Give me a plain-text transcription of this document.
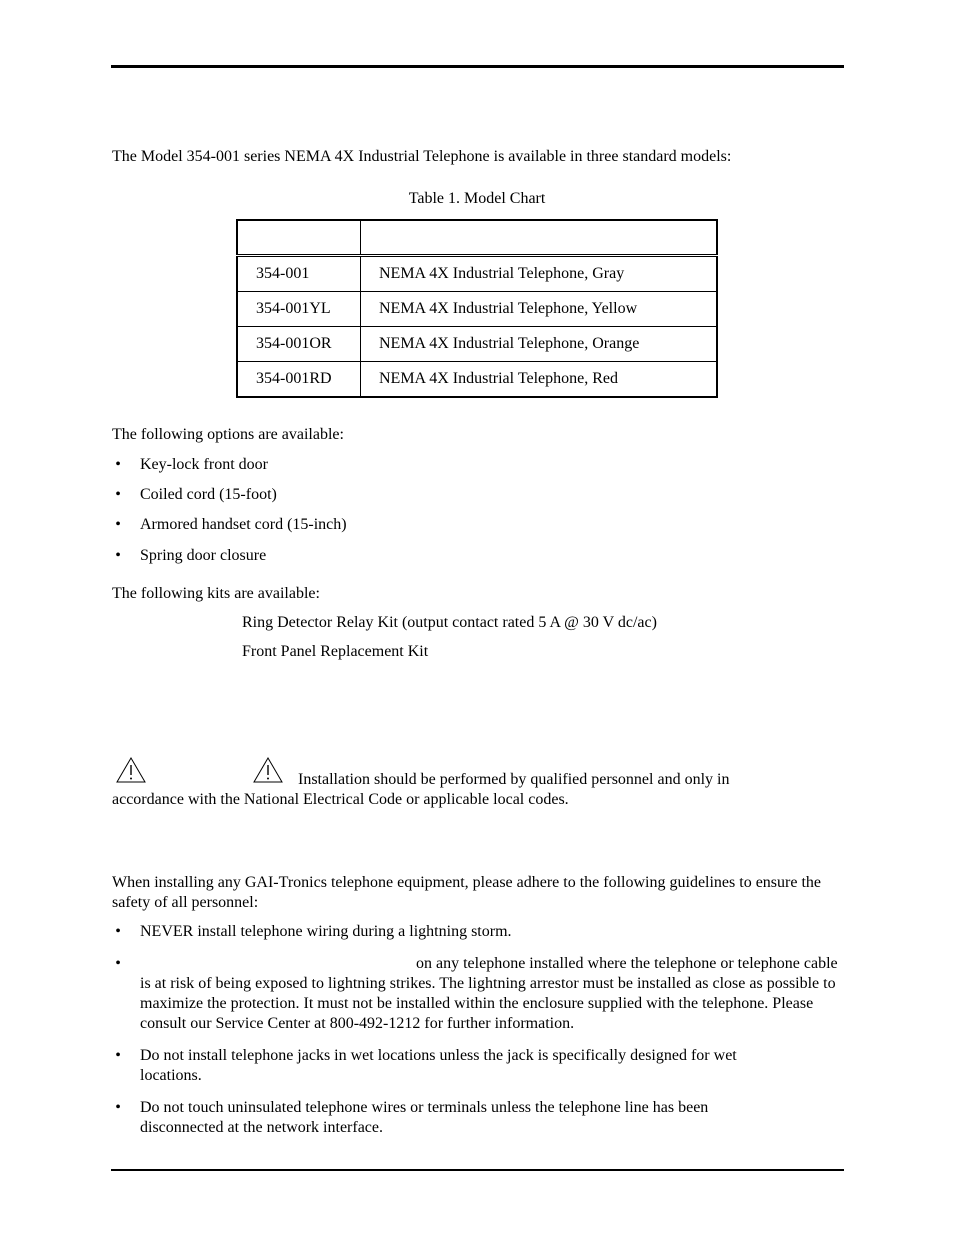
The Model 354-001 series NEMA 4X Industrial Telephone is available in three standard models:

Table 1. Model Chart

354-001	NEMA 4X Industrial Telephone, Gray
354-001YL	NEMA 4X Industrial Telephone, Yellow
354-001OR	NEMA 4X Industrial Telephone, Orange
354-001RD	NEMA 4X Industrial Telephone, Red

The following options are available:

• Key-lock front door
• Coiled cord (15-foot)
• Armored handset cord (15-inch)
• Spring door closure

The following kits are available:

Ring Detector Relay Kit (output contact rated 5 A @ 30 V dc/ac)
Front Panel Replacement Kit
Installation should be performed by qualified personnel and only in
accordance with the National Electrical Code or applicable local codes.

When installing any GAI-Tronics telephone equipment, please adhere to the following guidelines to ensure the safety of all personnel:

• NEVER install telephone wiring during a lightning storm.
•	on any telephone installed where the telephone or telephone cable is at risk of being exposed to lightning strikes. The lightning arrestor must be installed as close as possible to maximize the protection. It must not be installed within the enclosure supplied with the telephone. Please consult our Service Center at 800-492-1212 for further information.
• Do not install telephone jacks in wet locations unless the jack is specifically designed for wet locations.
• Do not touch uninsulated telephone wires or terminals unless the telephone line has been disconnected at the network interface.
